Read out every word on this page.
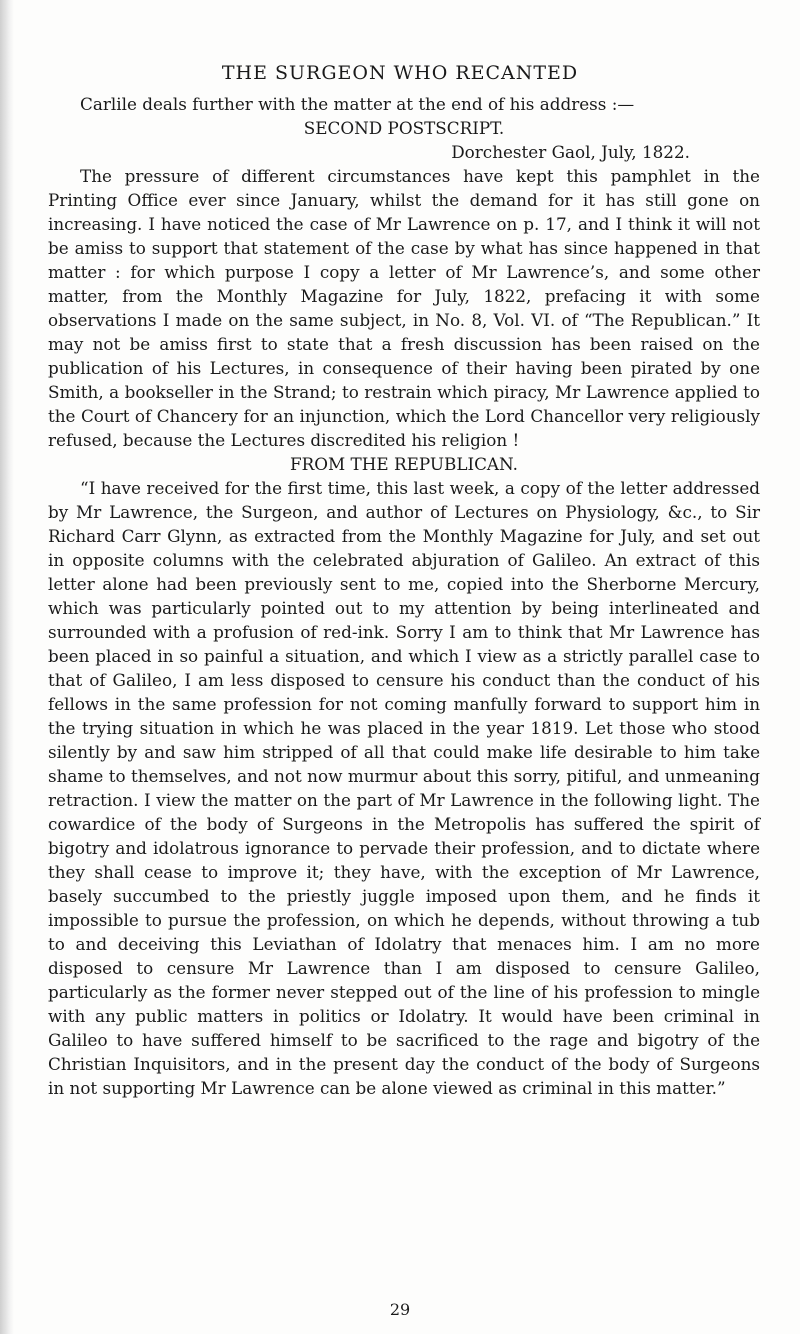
THE SURGEON WHO RECANTED

Carlile deals further with the matter at the end of his address :—

SECOND POSTSCRIPT.

Dorchester Gaol, July, 1822.

The pressure of different circumstances have kept this pamphlet in the Printing Office ever since January, whilst the demand for it has still gone on increasing. I have noticed the case of Mr Lawrence on p. 17, and I think it will not be amiss to support that statement of the case by what has since happened in that matter : for which purpose I copy a letter of Mr Lawrence’s, and some other matter, from the Monthly Magazine for July, 1822, prefacing it with some observations I made on the same subject, in No. 8, Vol. VI. of “The Republican.” It may not be amiss first to state that a fresh discussion has been raised on the publication of his Lectures, in consequence of their having been pirated by one Smith, a bookseller in the Strand; to restrain which piracy, Mr Lawrence applied to the Court of Chancery for an injunction, which the Lord Chancellor very religiously refused, because the Lectures discredited his religion !

FROM THE REPUBLICAN.

“I have received for the first time, this last week, a copy of the letter addressed by Mr Lawrence, the Surgeon, and author of Lectures on Physiology, &c., to Sir Richard Carr Glynn, as extracted from the Monthly Magazine for July, and set out in opposite columns with the celebrated abjuration of Galileo. An extract of this letter alone had been previously sent to me, copied into the Sherborne Mercury, which was particularly pointed out to my attention by being interlineated and surrounded with a profusion of red-ink. Sorry I am to think that Mr Lawrence has been placed in so painful a situation, and which I view as a strictly parallel case to that of Galileo, I am less disposed to censure his conduct than the conduct of his fellows in the same profession for not coming manfully forward to support him in the trying situation in which he was placed in the year 1819. Let those who stood silently by and saw him stripped of all that could make life desirable to him take shame to themselves, and not now murmur about this sorry, pitiful, and unmeaning retraction. I view the matter on the part of Mr Lawrence in the following light. The cowardice of the body of Surgeons in the Metropolis has suffered the spirit of bigotry and idolatrous ignorance to pervade their profession, and to dictate where they shall cease to improve it; they have, with the exception of Mr Lawrence, basely succumbed to the priestly juggle imposed upon them, and he finds it impossible to pursue the profession, on which he depends, without throwing a tub to and deceiving this Leviathan of Idolatry that menaces him. I am no more disposed to censure Mr Lawrence than I am disposed to censure Galileo, particularly as the former never stepped out of the line of his profession to mingle with any public matters in politics or Idolatry. It would have been criminal in Galileo to have suffered himself to be sacrificed to the rage and bigotry of the Christian Inquisitors, and in the present day the conduct of the body of Surgeons in not supporting Mr Lawrence can be alone viewed as criminal in this matter.”

29
